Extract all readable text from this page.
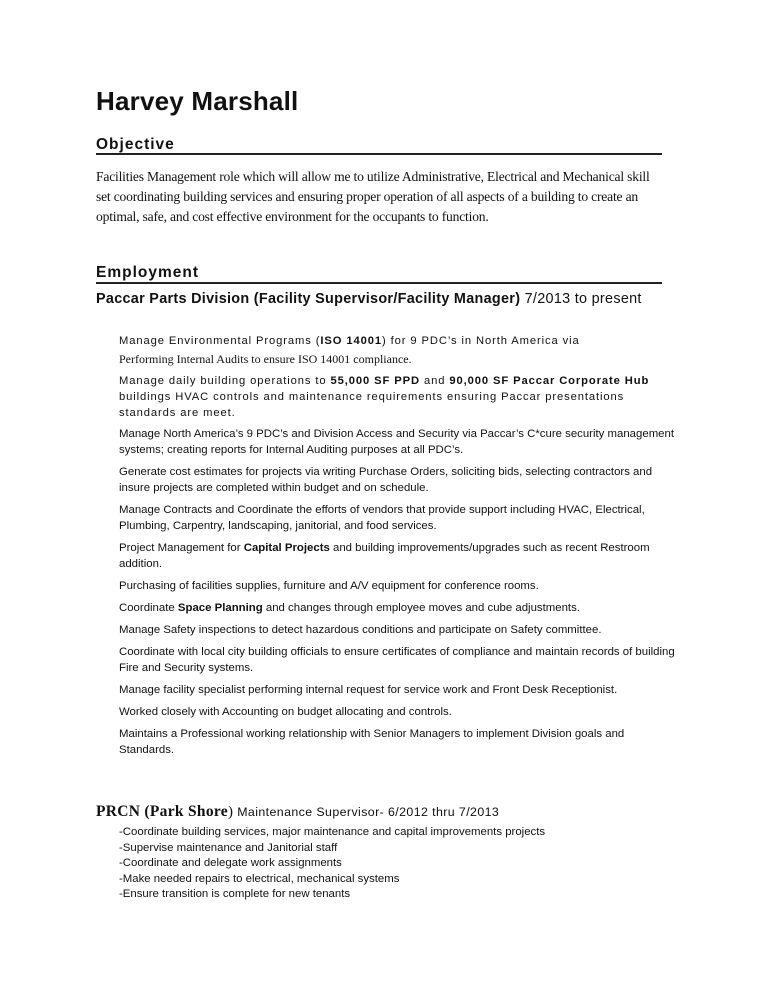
Harvey Marshall
Objective

Facilities Management role which will allow me to utilize Administrative, Electrical and Mechanical skill set coordinating building services and ensuring proper operation of all aspects of a building to create an optimal, safe, and cost effective environment for the occupants to function.

Employment

Paccar Parts Division (Facility Supervisor/Facility Manager) 7/2013 to present

Manage Environmental Programs (ISO 14001) for 9 PDC’s in North America via
Performing Internal Audits to ensure ISO 14001 compliance.
Manage daily building operations to 55,000 SF PPD and 90,000 SF Paccar Corporate Hub buildings HVAC controls and maintenance requirements ensuring Paccar presentations standards are meet.
Manage North America’s 9 PDC’s and Division Access and Security via Paccar’s C*cure security management systems; creating reports for Internal Auditing purposes at all PDC’s.
Generate cost estimates for projects via writing Purchase Orders, soliciting bids, selecting contractors and insure projects are completed within budget and on schedule.
Manage Contracts and Coordinate the efforts of vendors that provide support including HVAC, Electrical, Plumbing, Carpentry, landscaping, janitorial, and food services.
Project Management for Capital Projects and building improvements/upgrades such as recent Restroom addition.
Purchasing of facilities supplies, furniture and A/V equipment for conference rooms.
Coordinate Space Planning and changes through employee moves and cube adjustments.
Manage Safety inspections to detect hazardous conditions and participate on Safety committee.
Coordinate with local city building officials to ensure certificates of compliance and maintain records of building Fire and Security systems.
Manage facility specialist performing internal request for service work and Front Desk Receptionist.
Worked closely with Accounting on budget allocating and controls.
Maintains a Professional working relationship with Senior Managers to implement Division goals and Standards.

PRCN (Park Shore) Maintenance Supervisor- 6/2012 thru 7/2013

-Coordinate building services, major maintenance and capital improvements projects
-Supervise maintenance and Janitorial staff
-Coordinate and delegate work assignments
-Make needed repairs to electrical, mechanical systems
-Ensure transition is complete for new tenants
